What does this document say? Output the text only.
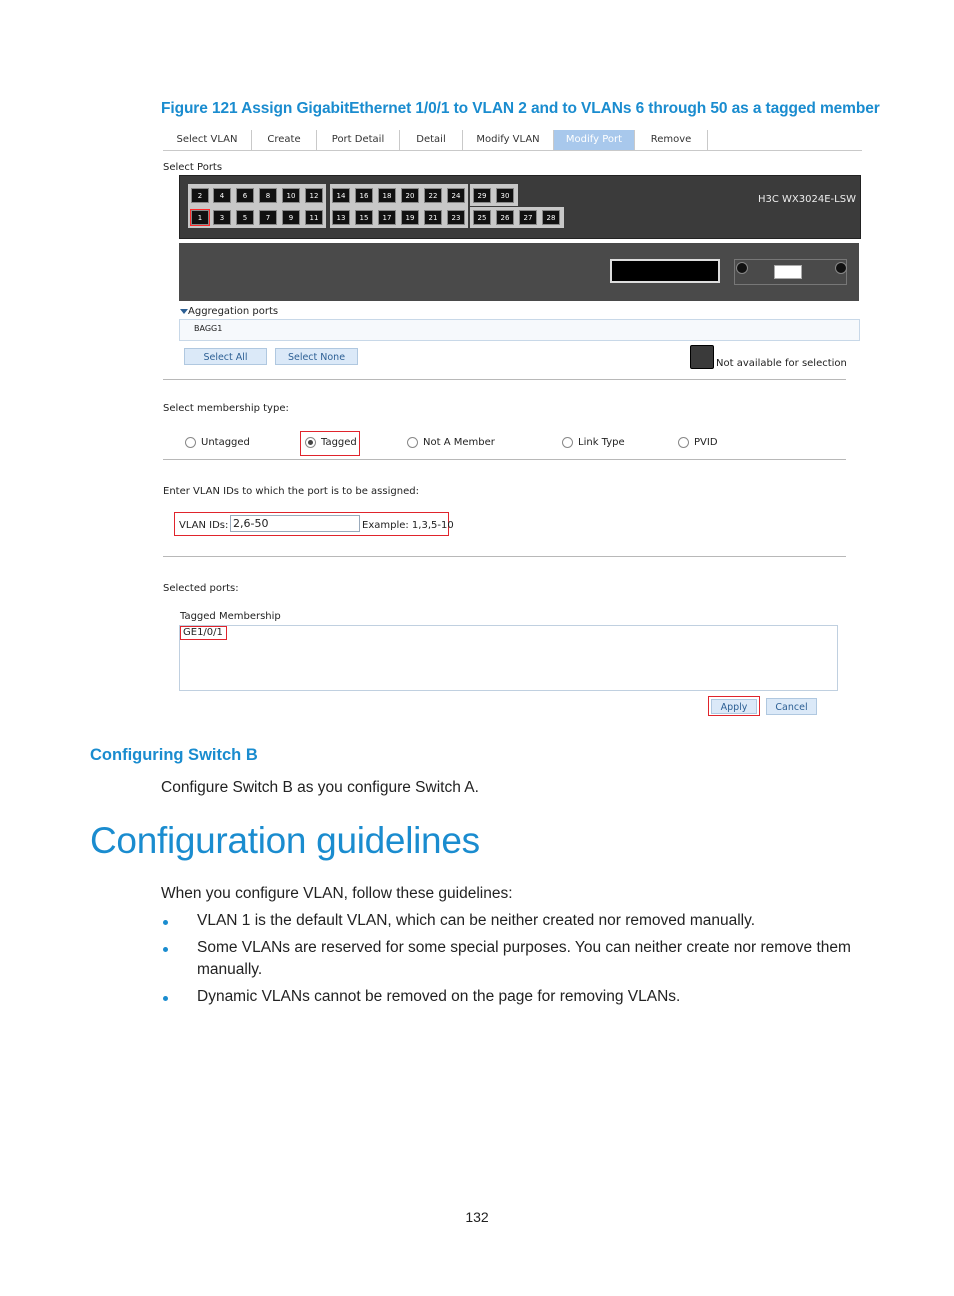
Figure 121 Assign GigabitEthernet 1/0/1 to VLAN 2 and to VLANs 6 through 50 as a tagged member
Select VLAN	Create	Port Detail	Detail	Modify VLAN	Modify Port	Remove
Select Ports
2	4	6	8	10	12	14	16	18	20	22	24	29	30
1	3	5	7	9	11	13	15	17	19	21	23	25	26	27	28
H3C WX3024E-LSW
Aggregation ports
BAGG1
Select All	Select None
Not available for selection
Select membership type:
Untagged	Tagged	Not A Member	Link Type	PVID
Enter VLAN IDs to which the port is to be assigned:
VLAN IDs: 2,6-50	Example: 1,3,5-10
Selected ports:
Tagged Membership
GE1/0/1
Apply	Cancel
Configuring Switch B
Configure Switch B as you configure Switch A.
Configuration guidelines
When you configure VLAN, follow these guidelines:
VLAN 1 is the default VLAN, which can be neither created nor removed manually.
Some VLANs are reserved for some special purposes. You can neither create nor remove them
manually.
Dynamic VLANs cannot be removed on the page for removing VLANs.
132
